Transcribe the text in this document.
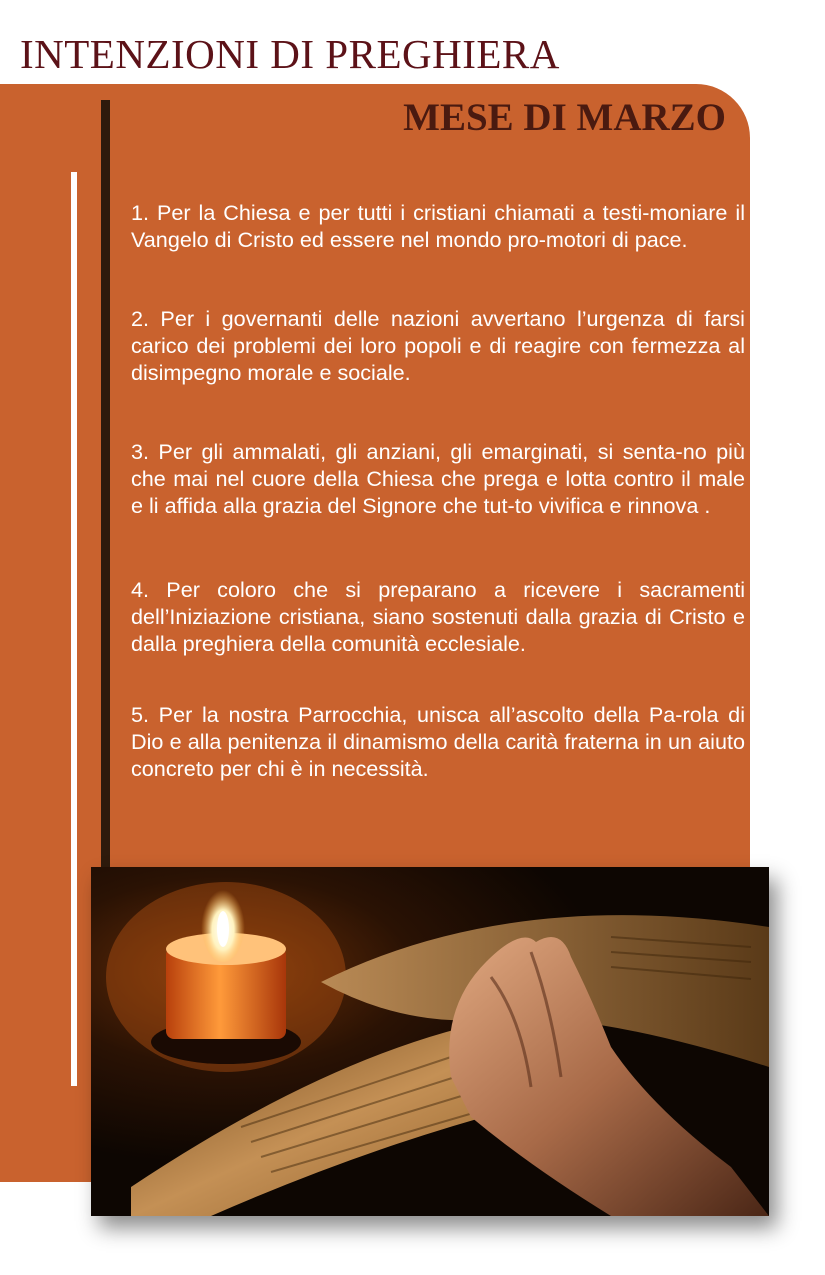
INTENZIONI DI PREGHIERA
MESE DI MARZO

1. Per la Chiesa e per tutti i cristiani chiamati a testi-moniare il Vangelo di Cristo ed essere nel mondo pro-motori di pace.

2. Per i governanti delle nazioni avvertano l’urgenza di farsi carico dei problemi dei loro popoli e di reagire con fermezza al disimpegno morale e sociale.

3. Per gli ammalati, gli anziani, gli emarginati, si senta-no più che mai nel cuore della Chiesa che prega e lotta contro il male e li affida alla grazia del Signore che tut-to vivifica e rinnova .

4. Per coloro che si preparano a ricevere i sacramenti dell’Iniziazione cristiana, siano sostenuti dalla grazia di Cristo e dalla preghiera della comunità ecclesiale.

5. Per la nostra Parrocchia, unisca all’ascolto della Pa-rola di Dio e alla penitenza il dinamismo della carità fraterna in un aiuto concreto per chi è in necessità.
